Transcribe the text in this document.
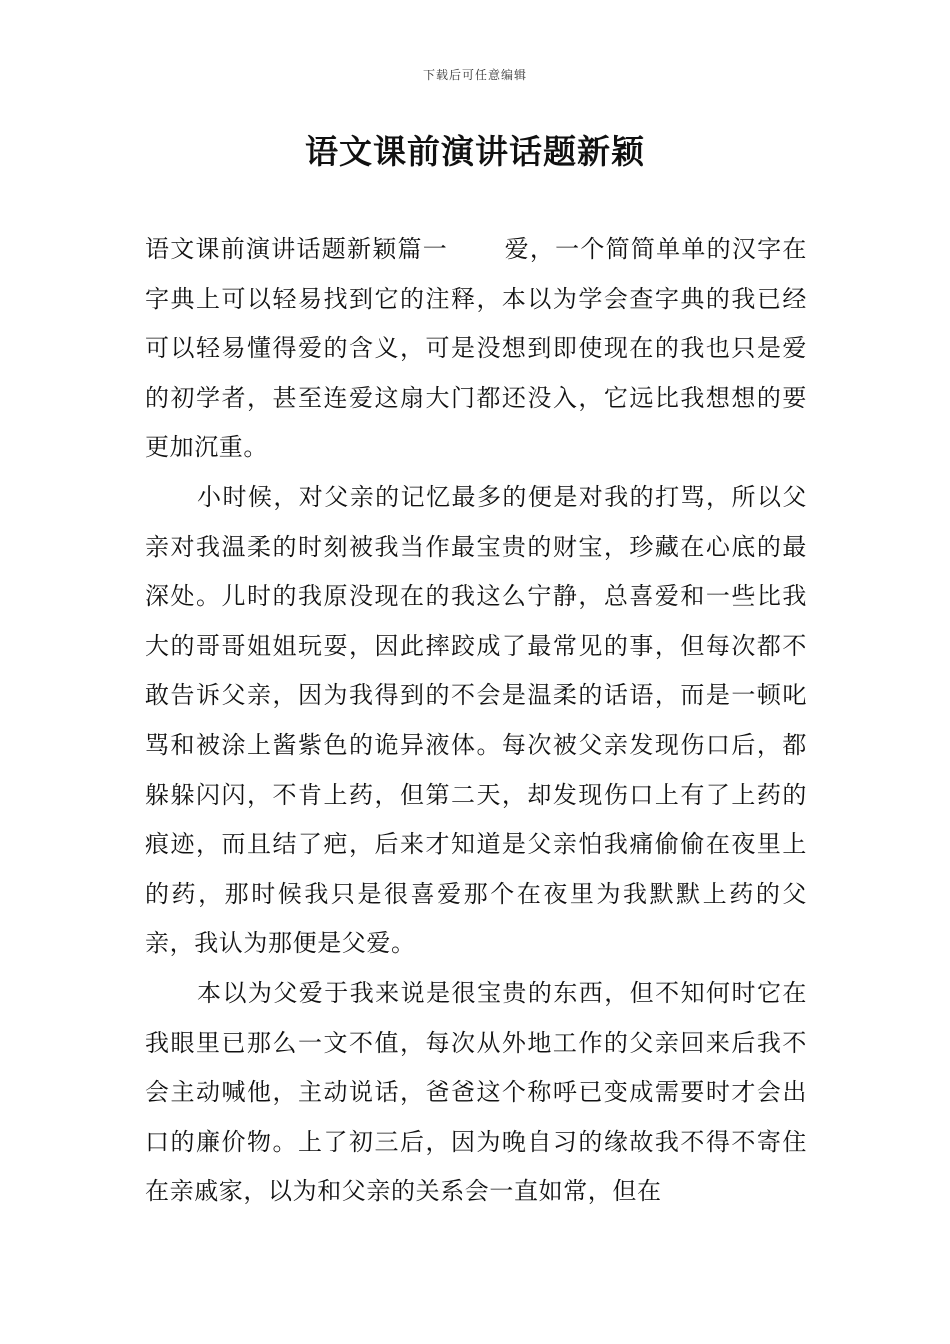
下载后可任意编辑
语文课前演讲话题新颖

语文课前演讲话题新颖篇一 爱，一个简简单单的汉字在字典上可以轻易找到它的注释，本以为学会查字典的我已经可以轻易懂得爱的含义，可是没想到即使现在的我也只是爱的初学者，甚至连爱这扇大门都还没入，它远比我想想的要更加沉重。

小时候，对父亲的记忆最多的便是对我的打骂，所以父亲对我温柔的时刻被我当作最宝贵的财宝，珍藏在心底的最深处。儿时的我原没现在的我这么宁静，总喜爱和一些比我大的哥哥姐姐玩耍，因此摔跤成了最常见的事，但每次都不敢告诉父亲，因为我得到的不会是温柔的话语，而是一顿叱骂和被涂上酱紫色的诡异液体。每次被父亲发现伤口后，都躲躲闪闪，不肯上药，但第二天，却发现伤口上有了上药的痕迹，而且结了疤，后来才知道是父亲怕我痛偷偷在夜里上的药，那时候我只是很喜爱那个在夜里为我默默上药的父亲，我认为那便是父爱。

本以为父爱于我来说是很宝贵的东西，但不知何时它在我眼里已那么一文不值，每次从外地工作的父亲回来后我不会主动喊他，主动说话，爸爸这个称呼已变成需要时才会出口的廉价物。上了初三后，因为晚自习的缘故我不得不寄住在亲戚家，以为和父亲的关系会一直如常，但在
